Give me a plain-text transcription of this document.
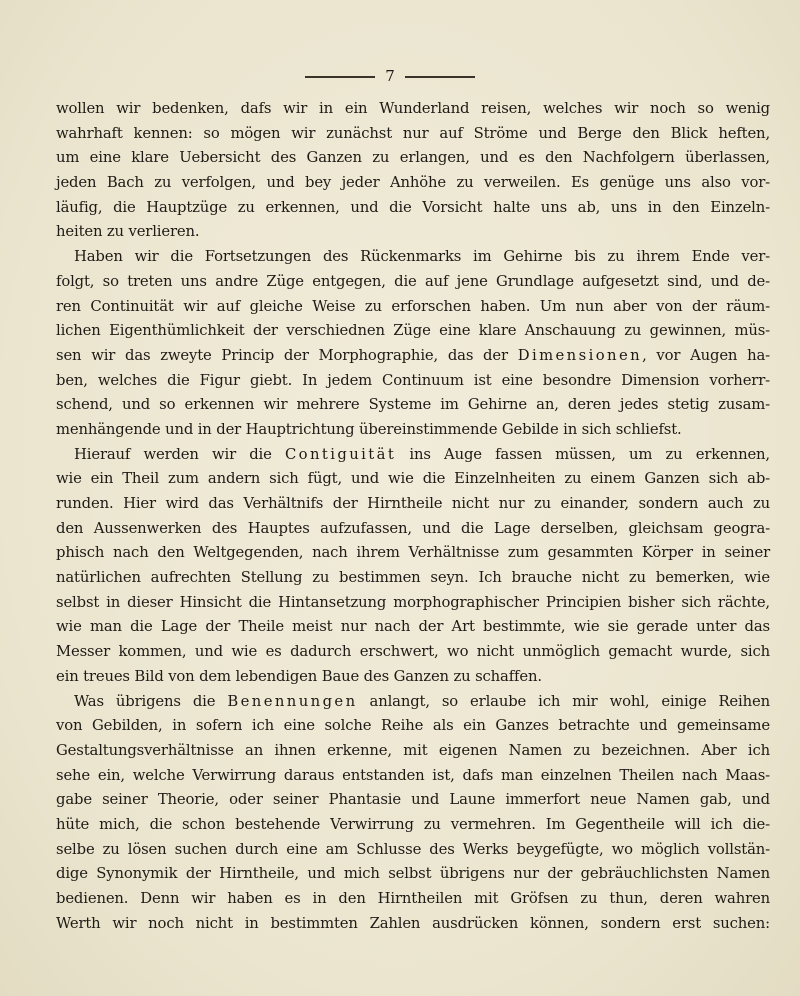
7
wollen wir bedenken, dafs wir in ein Wunderland reisen, welches wir noch so wenig
wahrhaft kennen: so mögen wir zunächst nur auf Ströme und Berge den Blick heften,
um eine klare Uebersicht des Ganzen zu erlangen, und es den Nachfolgern überlassen,
jeden Bach zu verfolgen, und bey jeder Anhöhe zu verweilen. Es genüge uns also vor-
läufig, die Hauptzüge zu erkennen, und die Vorsicht halte uns ab, uns in den Einzeln-
heiten zu verlieren.
Haben wir die Fortsetzungen des Rückenmarks im Gehirne bis zu ihrem Ende ver-
folgt, so treten uns andre Züge entgegen, die auf jene Grundlage aufgesetzt sind, und de-
ren Continuität wir auf gleiche Weise zu erforschen haben. Um nun aber von der räum-
lichen Eigenthümlichkeit der verschiednen Züge eine klare Anschauung zu gewinnen, müs-
sen wir das zweyte Princip der Morphographie, das der Dimensionen, vor Augen ha-
ben, welches die Figur giebt. In jedem Continuum ist eine besondre Dimension vorherr-
schend, und so erkennen wir mehrere Systeme im Gehirne an, deren jedes stetig zusam-
menhängende und in der Hauptrichtung übereinstimmende Gebilde in sich schliefst.
Hierauf werden wir die Contiguität ins Auge fassen müssen, um zu erkennen,
wie ein Theil zum andern sich fügt, und wie die Einzelnheiten zu einem Ganzen sich ab-
runden. Hier wird das Verhältnifs der Hirntheile nicht nur zu einander, sondern auch zu
den Aussenwerken des Hauptes aufzufassen, und die Lage derselben, gleichsam geogra-
phisch nach den Weltgegenden, nach ihrem Verhältnisse zum gesammten Körper in seiner
natürlichen aufrechten Stellung zu bestimmen seyn. Ich brauche nicht zu bemerken, wie
selbst in dieser Hinsicht die Hintansetzung morphographischer Principien bisher sich rächte,
wie man die Lage der Theile meist nur nach der Art bestimmte, wie sie gerade unter das
Messer kommen, und wie es dadurch erschwert, wo nicht unmöglich gemacht wurde, sich
ein treues Bild von dem lebendigen Baue des Ganzen zu schaffen.
Was übrigens die Benennungen anlangt, so erlaube ich mir wohl, einige Reihen
von Gebilden, in sofern ich eine solche Reihe als ein Ganzes betrachte und gemeinsame
Gestaltungsverhältnisse an ihnen erkenne, mit eigenen Namen zu bezeichnen. Aber ich
sehe ein, welche Verwirrung daraus entstanden ist, dafs man einzelnen Theilen nach Maas-
gabe seiner Theorie, oder seiner Phantasie und Laune immerfort neue Namen gab, und
hüte mich, die schon bestehende Verwirrung zu vermehren. Im Gegentheile will ich die-
selbe zu lösen suchen durch eine am Schlusse des Werks beygefügte, wo möglich vollstän-
dige Synonymik der Hirntheile, und mich selbst übrigens nur der gebräuchlichsten Namen
bedienen. Denn wir haben es in den Hirntheilen mit Gröfsen zu thun, deren wahren
Werth wir noch nicht in bestimmten Zahlen ausdrücken können, sondern erst suchen:
